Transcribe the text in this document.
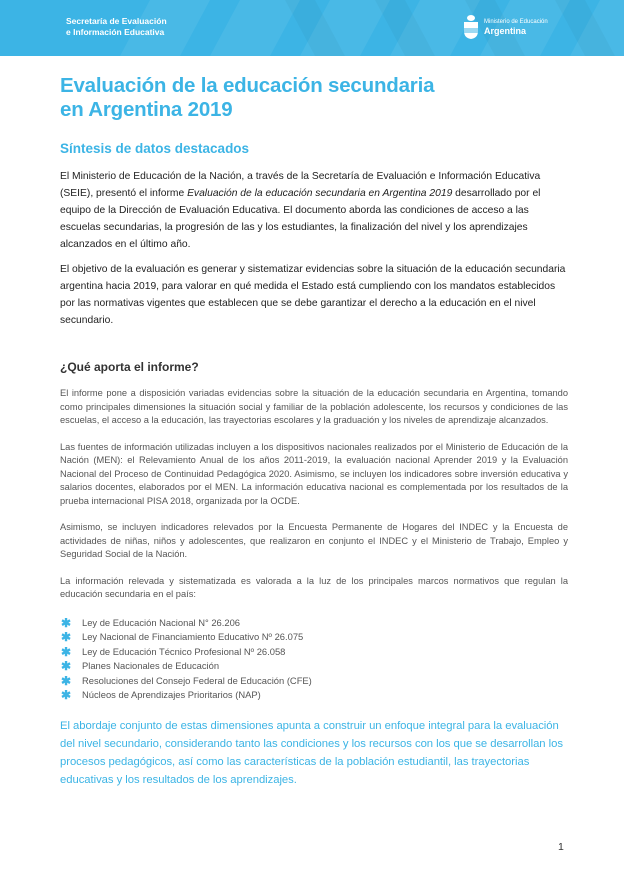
Secretaría de Evaluación
e Información Educativa
Ministerio de Educación
Argentina
Evaluación de la educación secundaria
en Argentina 2019
Síntesis de datos destacados

El Ministerio de Educación de la Nación, a través de la Secretaría de Evaluación e Información Educativa (SEIE), presentó el informe Evaluación de la educación secundaria en Argentina 2019 desarrollado por el equipo de la Dirección de Evaluación Educativa. El documento aborda las condiciones de acceso a las escuelas secundarias, la progresión de las y los estudiantes, la finalización del nivel y los aprendizajes alcanzados en el último año.

El objetivo de la evaluación es generar y sistematizar evidencias sobre la situación de la educación secundaria argentina hacia 2019, para valorar en qué medida el Estado está cumpliendo con los mandatos establecidos por las normativas vigentes que establecen que se debe garantizar el derecho a la educación en el nivel secundario.

¿Qué aporta el informe?

El informe pone a disposición variadas evidencias sobre la situación de la educación secundaria en Argentina, tomando como principales dimensiones la situación social y familiar de la población adolescente, los recursos y condiciones de las escuelas, el acceso a la educación, las trayectorias escolares y la graduación y los niveles de aprendizaje alcanzados.

Las fuentes de información utilizadas incluyen a los dispositivos nacionales realizados por el Ministerio de Educación de la Nación (MEN): el Relevamiento Anual de los años 2011-2019, la evaluación nacional Aprender 2019 y la Evaluación Nacional del Proceso de Continuidad Pedagógica 2020. Asimismo, se incluyen los indicadores sobre inversión educativa y salarios docentes, elaborados por el MEN. La información educativa nacional es complementada por los resultados de la prueba internacional PISA 2018, organizada por la OCDE.

Asimismo, se incluyen indicadores relevados por la Encuesta Permanente de Hogares del INDEC y la Encuesta de actividades de niñas, niños y adolescentes, que realizaron en conjunto el INDEC y el Ministerio de Trabajo, Empleo y Seguridad Social de la Nación.

La información relevada y sistematizada es valorada a la luz de los principales marcos normativos que regulan la educación secundaria en el país:

✱ Ley de Educación Nacional N° 26.206
✱ Ley Nacional de Financiamiento Educativo Nº 26.075
✱ Ley de Educación Técnico Profesional Nº 26.058
✱ Planes Nacionales de Educación
✱ Resoluciones del Consejo Federal de Educación (CFE)
✱ Núcleos de Aprendizajes Prioritarios (NAP)

El abordaje conjunto de estas dimensiones apunta a construir un enfoque integral para la evaluación del nivel secundario, considerando tanto las condiciones y los recursos con los que se desarrollan los procesos pedagógicos, así como las características de la población estudiantil, las trayectorias educativas y los resultados de los aprendizajes.

1
